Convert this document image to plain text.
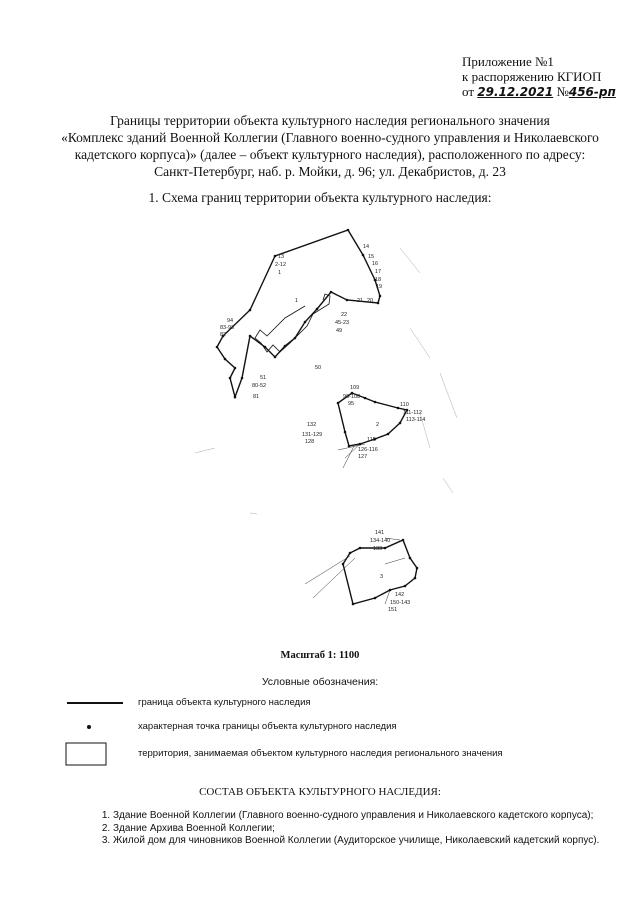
Приложение №1
к распоряжению КГИОП
от 29.12.2021 №456-рп
Границы территории объекта культурного наследия регионального значения
«Комплекс зданий Военной Коллегии (Главного военно-судного управления и Николаевского
кадетского корпуса)» (далее – объект культурного наследия), расположенного по адресу:
Санкт-Петербург, наб. р. Мойки, д. 96; ул. Декабристов, д. 23
1. Схема границ территории объекта культурного наследия:
1
2
3
13
2-12
1
14
15
16
17
18
19
20
21
22
45-23
49
94
83-93
82
51
80-52
81
50
109
96-108
95	110
111-112
113-114
132
131-129
128	115
126-116
127
141
134-140
133
142
150-143
151
Масштаб 1: 1100
Условные обозначения:
граница объекта культурного наследия
характерная точка границы объекта культурного наследия
территория, занимаемая объектом культурного наследия регионального значения
СОСТАВ ОБЪЕКТА КУЛЬТУРНОГО НАСЛЕДИЯ:
1. Здание Военной Коллегии (Главного военно-судного управления и Николаевского кадетского корпуса);
2. Здание Архива Военной Коллегии;
3. Жилой дом для чиновников Военной Коллегии (Аудиторское училище, Николаевский кадетский корпус).
